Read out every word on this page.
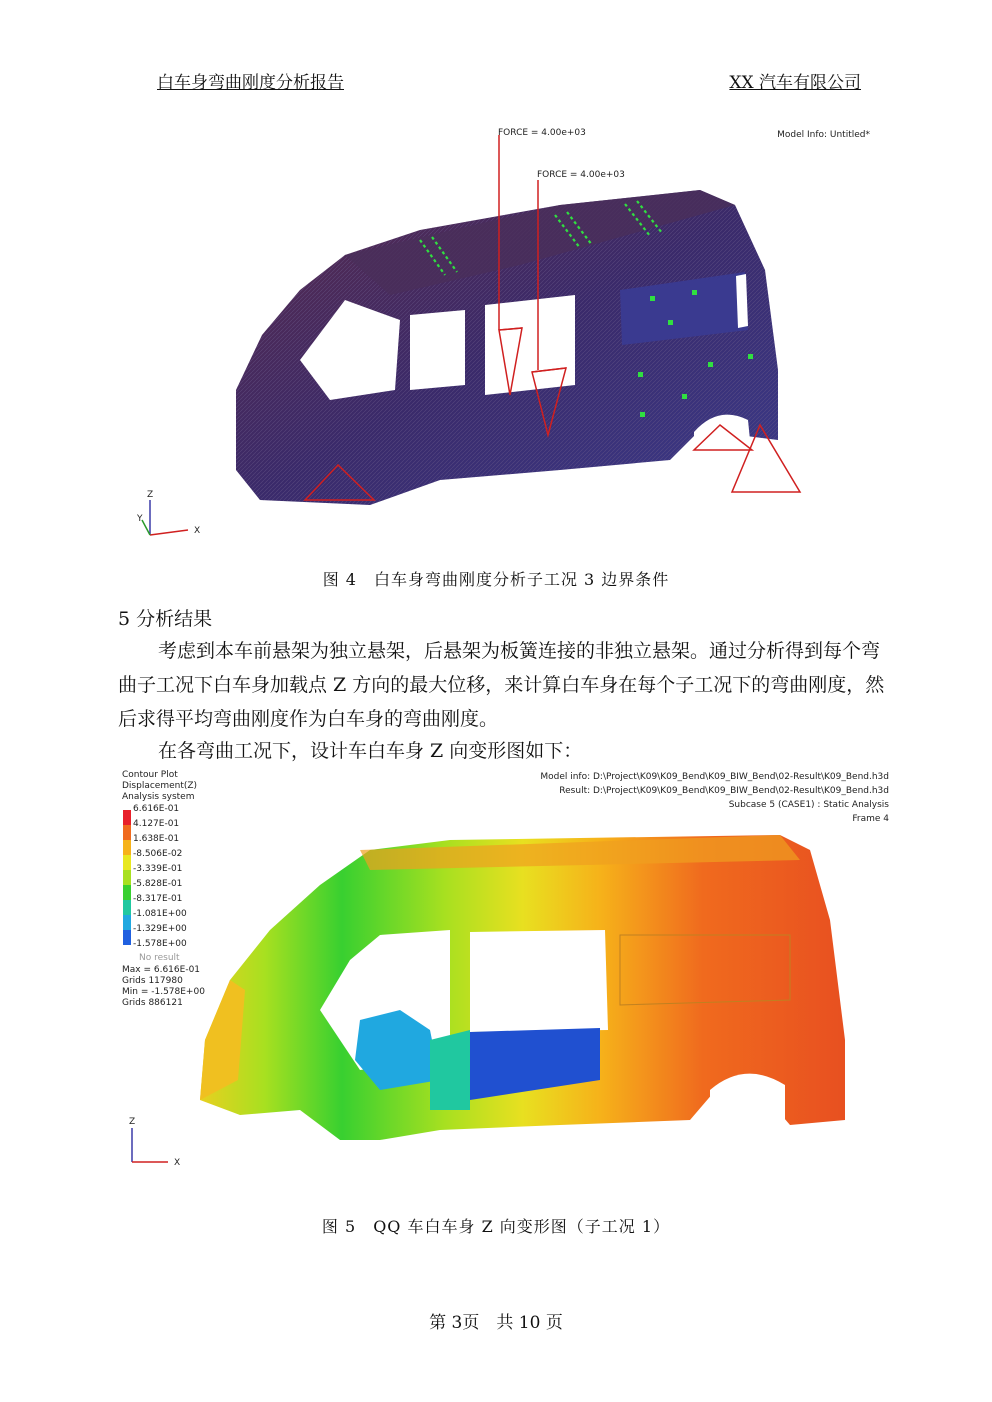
白车身弯曲刚度分析报告	XX 汽车有限公司
FORCE = 4.00e+03
FORCE = 4.00e+03
Model Info: Untitled*
Z
Y
X
图 4　白车身弯曲刚度分析子工况 3 边界条件
5 分析结果
考虑到本车前悬架为独立悬架，后悬架为板簧连接的非独立悬架。通过分析得到每个弯曲子工况下白车身加载点 Z 方向的最大位移，来计算白车身在每个子工况下的弯曲刚度，然后求得平均弯曲刚度作为白车身的弯曲刚度。
在各弯曲工况下，设计车白车身 Z 向变形图如下：
Z
X
Model info: D:\Project\K09\K09_Bend\K09_BIW_Bend\02-Result\K09_Bend.h3d
Result: D:\Project\K09\K09_Bend\K09_BIW_Bend\02-Result\K09_Bend.h3d
Subcase 5 (CASE1) : Static Analysis
Frame 4
Contour Plot
Displacement(Z)
Analysis system
6.616E-01
4.127E-01
1.638E-01
-8.506E-02
-3.339E-01
-5.828E-01
-8.317E-01
-1.081E+00
-1.329E+00
-1.578E+00
No result
Max = 6.616E-01
Grids 117980
Min = -1.578E+00
Grids 886121
图 5　QQ 车白车身 Z 向变形图（子工况 1）
第 3页　共 10 页
